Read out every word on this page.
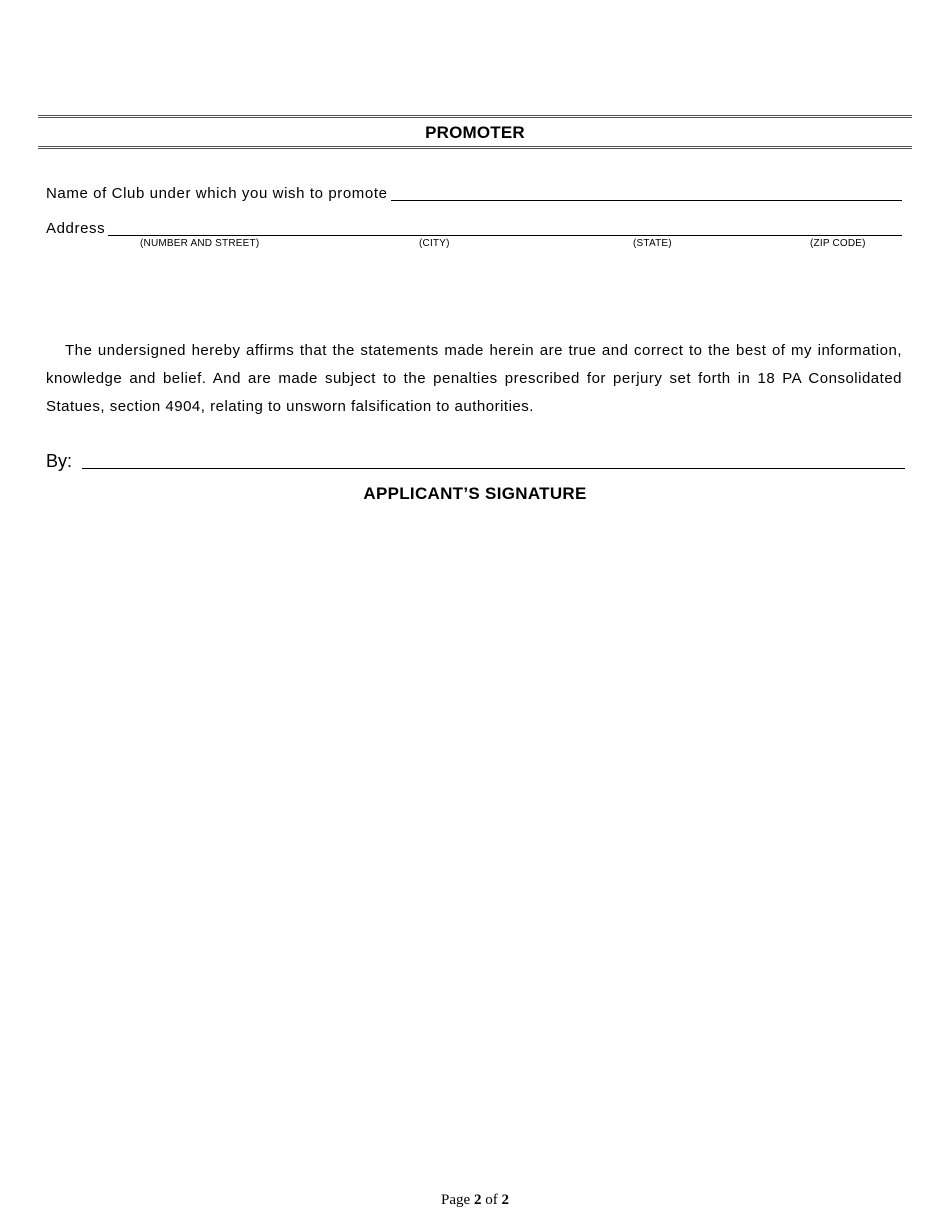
PROMOTER
Name of Club under which you wish to promote
Address
(NUMBER AND STREET)	(CITY)	(STATE)	(ZIP CODE)

The undersigned hereby affirms that the statements made herein are true and correct to the best of my information, knowledge and belief. And are made subject to the penalties prescribed for perjury set forth in 18 PA Consolidated Statues, section 4904, relating to unsworn falsification to authorities.

By:
APPLICANT’S SIGNATURE
Page 2 of 2
